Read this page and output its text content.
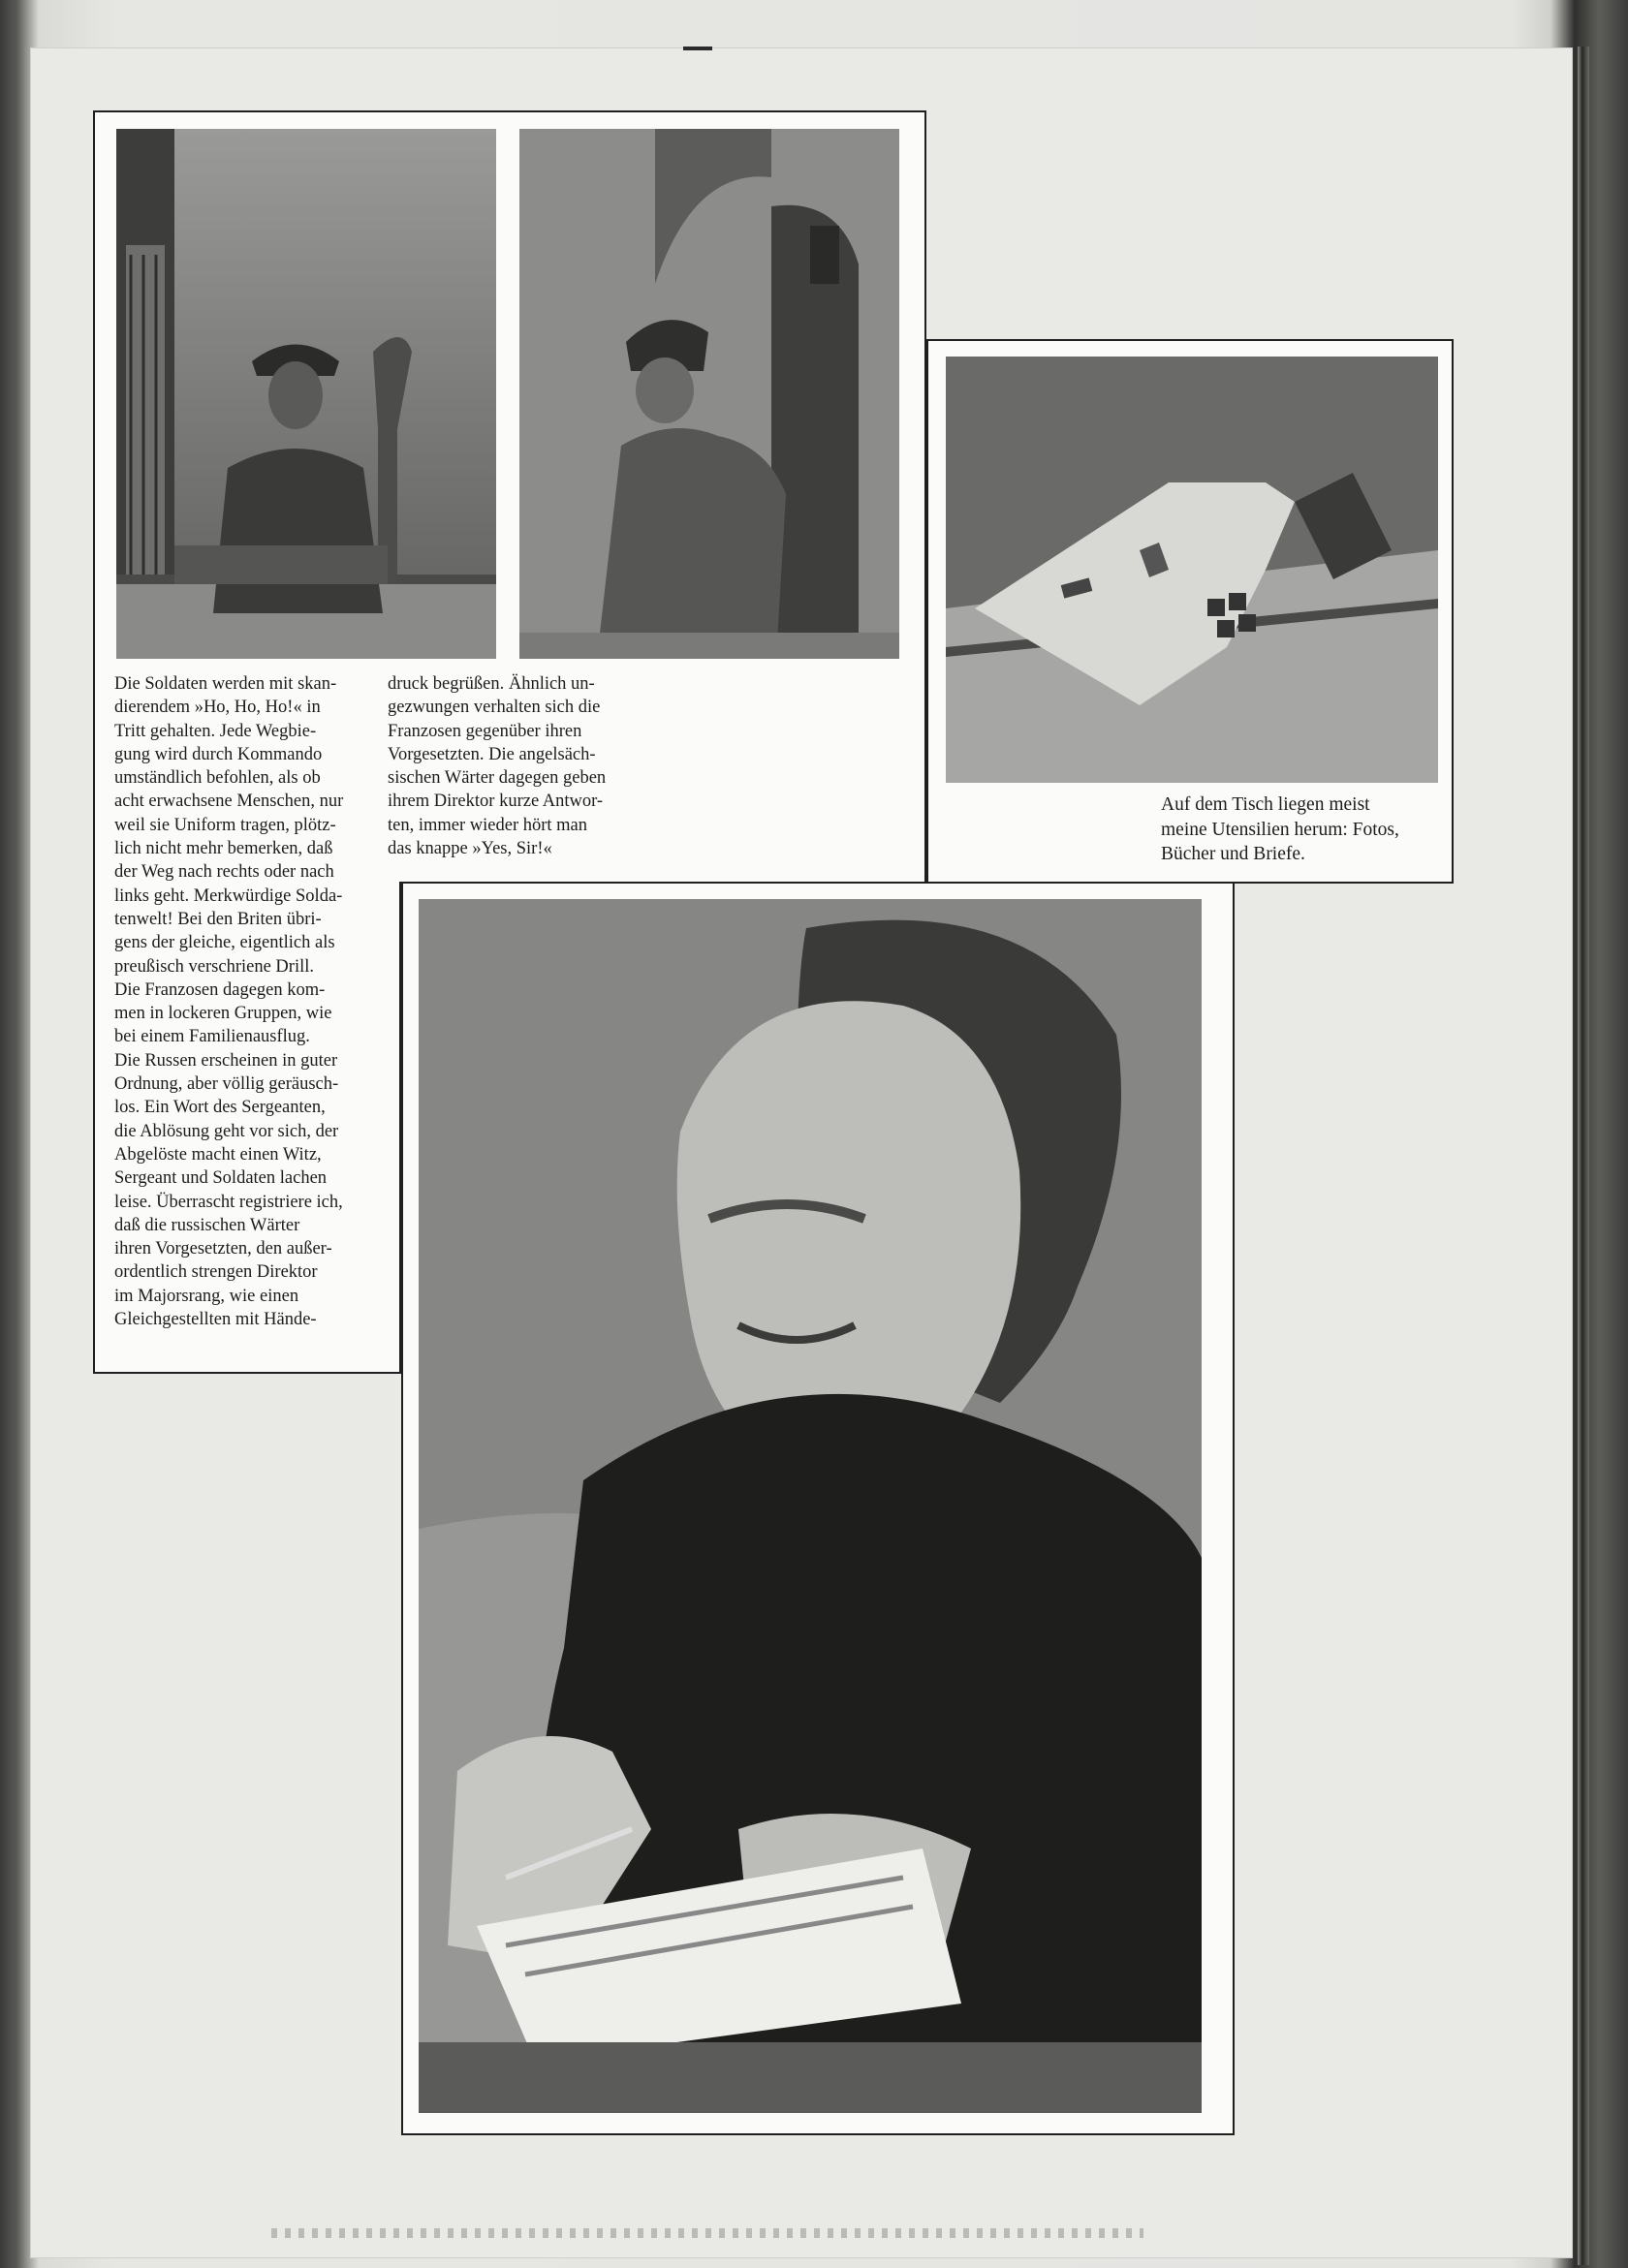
Die Soldaten werden mit skan-
dierendem »Ho, Ho, Ho!« in
Tritt gehalten. Jede Wegbie-
gung wird durch Kommando
umständlich befohlen, als ob
acht erwachsene Menschen, nur
weil sie Uniform tragen, plötz-
lich nicht mehr bemerken, daß
der Weg nach rechts oder nach
links geht. Merkwürdige Solda-
tenwelt! Bei den Briten übri-
gens der gleiche, eigentlich als
preußisch verschriene Drill.
Die Franzosen dagegen kom-
men in lockeren Gruppen, wie
bei einem Familienausflug.
Die Russen erscheinen in guter
Ordnung, aber völlig geräusch-
los. Ein Wort des Sergeanten,
die Ablösung geht vor sich, der
Abgelöste macht einen Witz,
Sergeant und Soldaten lachen
leise. Überrascht registriere ich,
daß die russischen Wärter
ihren Vorgesetzten, den außer-
ordentlich strengen Direktor
im Majorsrang, wie einen
Gleichgestellten mit Hände-
druck begrüßen. Ähnlich un-
gezwungen verhalten sich die
Franzosen gegenüber ihren
Vorgesetzten. Die angelsäch-
sischen Wärter dagegen geben
ihrem Direktor kurze Antwor-
ten, immer wieder hört man
das knappe »Yes, Sir!«
Auf dem Tisch liegen meist
meine Utensilien herum: Fotos,
Bücher und Briefe.
